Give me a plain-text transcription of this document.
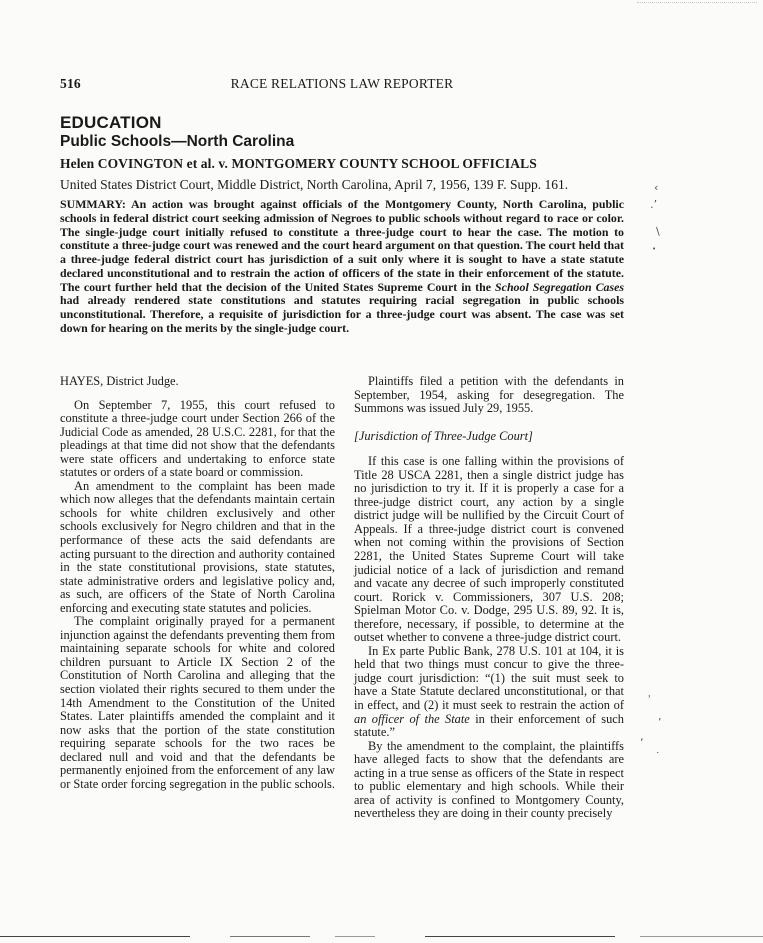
516	RACE RELATIONS LAW REPORTER
EDUCATION
Public Schools—North Carolina
Helen COVINGTON et al. v. MONTGOMERY COUNTY SCHOOL OFFICIALS
United States District Court, Middle District, North Carolina, April 7, 1956, 139 F. Supp. 161.

SUMMARY: An action was brought against officials of the Montgomery County, North Carolina, public schools in federal district court seeking admission of Negroes to public schools without regard to race or color. The single-judge court initially refused to constitute a three-judge court to hear the case. The motion to constitute a three-judge court was renewed and the court heard argument on that question. The court held that a three-judge federal district court has jurisdiction of a suit only where it is sought to have a state statute declared unconstitutional and to restrain the action of officers of the state in their enforcement of the statute. The court further held that the decision of the United States Supreme Court in the School Segregation Cases had already rendered state constitutions and statutes requiring racial segregation in public schools unconstitutional. Therefore, a requisite of jurisdiction for a three-judge court was absent. The case was set down for hearing on the merits by the single-judge court.

HAYES, District Judge.

On September 7, 1955, this court refused to constitute a three-judge court under Section 266 of the Judicial Code as amended, 28 U.S.C. 2281, for that the pleadings at that time did not show that the defendants were state officers and undertaking to enforce state statutes or orders of a state board or commission.

An amendment to the complaint has been made which now alleges that the defendants maintain certain schools for white children exclusively and other schools exclusively for Negro children and that in the performance of these acts the said defendants are acting pursuant to the direction and authority contained in the state constitutional provisions, state statutes, state administrative orders and legislative policy and, as such, are officers of the State of North Carolina enforcing and executing state statutes and policies.

The complaint originally prayed for a permanent injunction against the defendants preventing them from maintaining separate schools for white and colored children pursuant to Article IX Section 2 of the Constitution of North Carolina and alleging that the section violated their rights secured to them under the 14th Amendment to the Constitution of the United States. Later plaintiffs amended the complaint and it now asks that the portion of the state constitution requiring separate schools for the two races be declared null and void and that the defendants be permanently enjoined from the enforcement of any law or State order forcing segregation in the public schools.

Plaintiffs filed a petition with the defendants in September, 1954, asking for desegregation. The Summons was issued July 29, 1955.

[Jurisdiction of Three-Judge Court]

If this case is one falling within the provisions of Title 28 USCA 2281, then a single district judge has no jurisdiction to try it. If it is properly a case for a three-judge district court, any action by a single district judge will be nullified by the Circuit Court of Appeals. If a three-judge district court is convened when not coming within the provisions of Section 2281, the United States Supreme Court will take judicial notice of a lack of jurisdiction and remand and vacate any decree of such improperly constituted court. Rorick v. Commissioners, 307 U.S. 208; Spielman Motor Co. v. Dodge, 295 U.S. 89, 92. It is, therefore, necessary, if possible, to determine at the outset whether to convene a three-judge district court.

In Ex parte Public Bank, 278 U.S. 101 at 104, it is held that two things must concur to give the three-judge court jurisdiction: “(1) the suit must seek to have a State Statute declared unconstitutional, or that in effect, and (2) it must seek to restrain the action of an officer of the State in their enforcement of such statute.”

By the amendment to the complaint, the plaintiffs have alleged facts to show that the defendants are acting in a true sense as officers of the State in respect to public elementary and high schools. While their area of activity is confined to Montgomery County, nevertheless they are doing in their county precisely

‹
․ʼ
\
•
ʾ
ʼ
‚
˙
